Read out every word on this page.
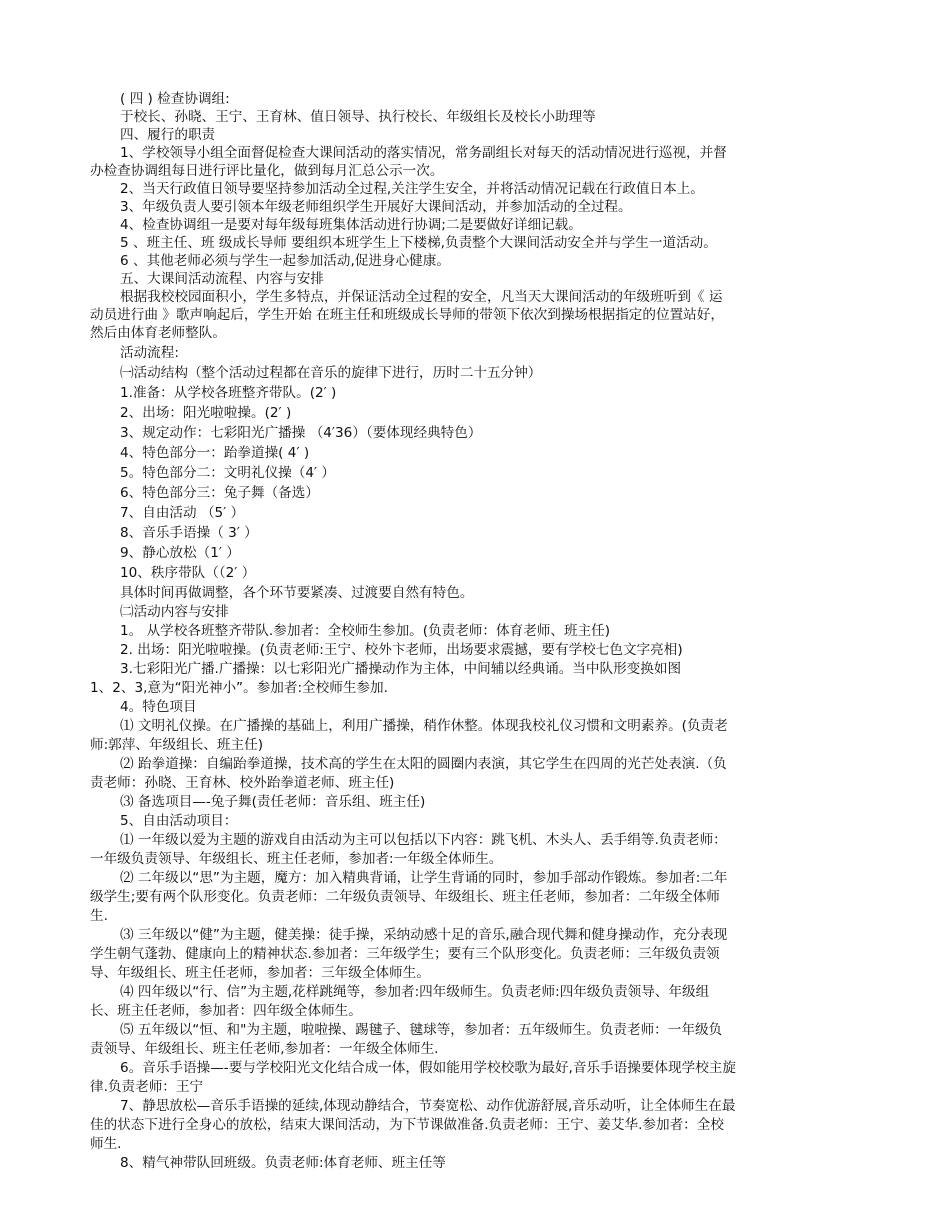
( 四 ) 检查协调组:

于校长、孙晓、王宁、王育林、值日领导、执行校长、年级组长及校长小助理等

四、履行的职责

1、学校领导小组全面督促检查大课间活动的落实情况，常务副组长对每天的活动情况进行巡视，并督

办检查协调组每日进行评比量化，做到每月汇总公示一次。

2、当天行政值日领导要坚持参加活动全过程,关注学生安全，并将活动情况记载在行政值日本上。

3、年级负责人要引领本年级老师组织学生开展好大课间活动，并参加活动的全过程。

4、检查协调组一是要对每年级每班集体活动进行协调;二是要做好详细记载。

5 、班主任、班 级成长导师 要组织本班学生上下楼梯,负责整个大课间活动安全并与学生一道活动。

6 、其他老师必须与学生一起参加活动,促进身心健康。

五、大课间活动流程、内容与安排

根据我校校园面积小，学生多特点，并保证活动全过程的安全，凡当天大课间活动的年级班听到《 运

动员进行曲 》歌声响起后，学生开始 在班主任和班级成长导师的带领下依次到操场根据指定的位置站好，

然后由体育老师整队。

活动流程:

㈠活动结构（整个活动过程都在音乐的旋律下进行，历时二十五分钟）

1.准备：从学校各班整齐带队。(2′ )

2、出场：阳光啦啦操。(2′ )

3、规定动作：七彩阳光广播操 （4′36）（要体现经典特色）

4、特色部分一：跆拳道操( 4′ )

5。特色部分二：文明礼仪操（4′ ）

6、特色部分三：兔子舞（备选）

7、自由活动 （5′ ）

8、音乐手语操（ 3′ ）

9、静心放松（1′ ）

10、秩序带队（（2′ ）

具体时间再做调整，各个环节要紧凑、过渡要自然有特色。

㈡活动内容与安排

1。 从学校各班整齐带队.参加者：全校师生参加。(负责老师：体育老师、班主任)

2. 出场：阳光啦啦操。(负责老师:王宁、校外卞老师，出场要求震撼，要有学校七色文字亮相)

3.七彩阳光广播.广播操：以七彩阳光广播操动作为主体，中间辅以经典诵。当中队形变换如图

1、2、3,意为“阳光神小”。参加者:全校师生参加.

4。特色项目

⑴ 文明礼仪操。在广播操的基础上，利用广播操，稍作休整。体现我校礼仪习惯和文明素养。(负责老

师:郭萍、年级组长、班主任)

⑵ 跆拳道操：自编跆拳道操，技术高的学生在太阳的圆圈内表演，其它学生在四周的光芒处表演.（负

责老师：孙晓、王育林、校外跆拳道老师、班主任)

⑶ 备选项目—-兔子舞(责任老师：音乐组、班主任)

5、自由活动项目：

⑴ 一年级以爱为主题的游戏自由活动为主可以包括以下内容：跳飞机、木头人、丢手绢等.负责老师：

一年级负责领导、年级组长、班主任老师，参加者:一年级全体师生。

⑵ 二年级以“思”为主题，魔方：加入精典背诵，让学生背诵的同时，参加手部动作锻炼。参加者:二年

级学生;要有两个队形变化。负责老师：二年级负责领导、年级组长、班主任老师，参加者：二年级全体师

生.

⑶ 三年级以“健”为主题，健美操：徒手操，采纳动感十足的音乐,融合现代舞和健身操动作，充分表现

学生朝气蓬勃、健康向上的精神状态.参加者：三年级学生；要有三个队形变化。负责老师：三年级负责领

导、年级组长、班主任老师，参加者：三年级全体师生。

⑷ 四年级以“行、信”为主题,花样跳绳等，参加者:四年级师生。负责老师:四年级负责领导、年级组

长、班主任老师，参加者：四年级全体师生。

⑸ 五年级以“恒、和"为主题，啦啦操、踢毽子、毽球等，参加者：五年级师生。负责老师：一年级负

责领导、年级组长、班主任老师,参加者：一年级全体师生.

6。音乐手语操—-要与学校阳光文化结合成一体，假如能用学校校歌为最好,音乐手语操要体现学校主旋

律.负责老师：王宁

7、静思放松—音乐手语操的延续,体现动静结合，节奏宽松、动作优游舒展,音乐动听，让全体师生在最

佳的状态下进行全身心的放松，结束大课间活动，为下节课做准备.负责老师：王宁、姜艾华.参加者：全校

师生.

8、精气神带队回班级。负责老师:体育老师、班主任等
